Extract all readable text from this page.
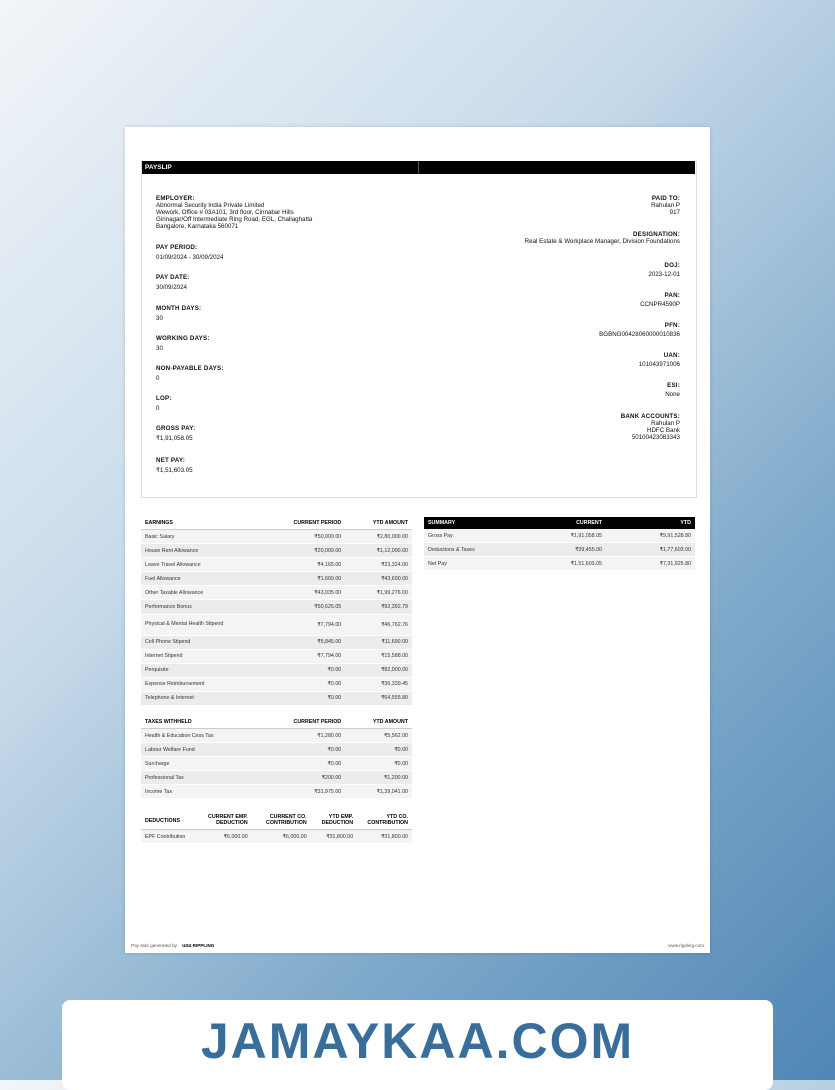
PAYSLIP
EMPLOYER:
Abnormal Security India Private Limited
Wework, Office # 03A101, 3rd floor, Cinnabar Hills
Girinagar/Off Intermediate Ring Road, EGL, Challaghatta
Bangalore, Karnataka 560071
PAY PERIOD:
01/09/2024 - 30/09/2024
PAY DATE:
30/09/2024
MONTH DAYS:
30
WORKING DAYS:
30
NON-PAYABLE DAYS:
0
LOP:
0
GROSS PAY:
₹1,91,058.05
NET PAY:
₹1,51,603.05
PAID TO:
Rahulan P
917
DESIGNATION:
Real Estate & Workplace Manager, Division Foundations
DOJ:
2023-12-01
PAN:
CCNPR4590P
PFN:
BGBNG00428060000010836
UAN:
101043971006
ESI:
None
BANK ACCOUNTS:
Rahulan P
HDFC Bank
50100423083343
EARNINGS	CURRENT PERIOD	YTD AMOUNT
Basic Salary	₹50,000.00	₹2,80,000.00
House Rent Allowance	₹20,000.00	₹1,12,000.00
Leave Travel Allowance	₹4,165.00	₹23,324.00
Fuel Allowance	₹1,600.00	₹43,600.00
Other Taxable Allowance	₹43,035.00	₹1,99,276.00
Performance Bonus	₹50,625.05	₹92,392.79
Physical & Mental Health Stipend	₹7,794.00	₹46,762.76
Cell Phone Stipend	₹5,845.00	₹11,690.00
Internet Stipend	₹7,794.00	₹15,588.00
Perquisite	₹0.00	₹82,000.00
Expense Reimbursement	₹0.00	₹36,339.45
Telephone & Internet	₹0.00	₹64,555.80
TAXES WITHHELD	CURRENT PERIOD	YTD AMOUNT
Health & Education Cess Tax	₹1,280.00	₹5,562.00
Labour Welfare Fund	₹0.00	₹0.00
Surcharge	₹0.00	₹0.00
Professional Tax	₹200.00	₹1,200.00
Income Tax	₹31,975.00	₹1,39,041.00
DEDUCTIONS	CURRENT EMP. DEDUCTION	CURRENT CO. CONTRIBUTION	YTD EMP. DEDUCTION	YTD CO. CONTRIBUTION
EPF Contribution	₹6,000.00	₹6,000.00	₹31,800.00	₹31,800.00
SUMMARY	CURRENT	YTD
Gross Pay	₹1,91,058.05	₹9,91,528.80
Deductions & Taxes	₹39,455.00	₹1,77,603.00
Net Pay	₹1,51,603.05	₹7,31,925.80
Pay stub generated by ƜƜ RIPPLING	www.rippling.com
JAMAYKAA.COM
